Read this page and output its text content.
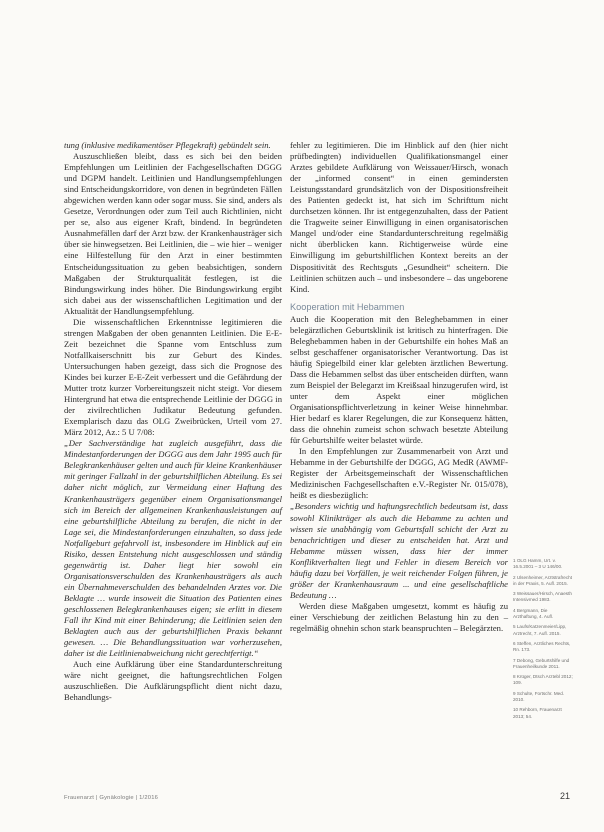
tung (inklusive medikamentöser Pflegekraft) gebündelt sein.

Auszuschließen bleibt, dass es sich bei den beiden Empfehlungen um Leitlinien der Fachgesellschaften DGGG und DGPM handelt. Leitlinien und Handlungsempfehlungen sind Entscheidungskorridore, von denen in begründeten Fällen abgewichen werden kann oder sogar muss. Sie sind, anders als Gesetze, Verordnungen oder zum Teil auch Richtlinien, nicht per se, also aus eigener Kraft, bindend. In begründeten Ausnahmefällen darf der Arzt bzw. der Krankenhausträger sich über sie hinwegsetzen. Bei Leitlinien, die – wie hier – weniger eine Hilfestellung für den Arzt in einer bestimmten Entscheidungssituation zu geben beabsichtigen, sondern Maßgaben der Strukturqualität festlegen, ist die Bindungswirkung indes höher. Die Bindungswirkung ergibt sich dabei aus der wissenschaftlichen Legitimation und der Aktualität der Handlungsempfehlung.

Die wissenschaftlichen Erkenntnisse legitimieren die strengen Maßgaben der oben genannten Leitlinien. Die E-E-Zeit bezeichnet die Spanne vom Entschluss zum Notfallkaiserschnitt bis zur Geburt des Kindes. Untersuchungen haben gezeigt, dass sich die Prognose des Kindes bei kurzer E-E-Zeit verbessert und die Gefährdung der Mutter trotz kurzer Vorbereitungszeit nicht steigt. Vor diesem Hintergrund hat etwa die entsprechende Leitlinie der DGGG in der zivilrechtlichen Judikatur Bedeutung gefunden. Exemplarisch dazu das OLG Zweibrücken, Urteil vom 27. März 2012, Az.: 5 U 7/08:

„Der Sachverständige hat zugleich ausgeführt, dass die Mindestanforderungen der DGGG aus dem Jahr 1995 auch für Belegkrankenhäuser gelten und auch für kleine Krankenhäuser mit geringer Fallzahl in der geburtshilflichen Abteilung. Es sei daher nicht möglich, zur Vermeidung einer Haftung des Krankenhausträgers gegenüber einem Organisationsmangel sich im Bereich der allgemeinen Krankenhausleistungen auf eine geburtshilfliche Abteilung zu berufen, die nicht in der Lage sei, die Mindestanforderungen einzuhalten, so dass jede Notfallgeburt gefahrvoll ist, insbesondere im Hinblick auf ein Risiko, dessen Entstehung nicht ausgeschlossen und ständig gegenwärtig ist. Daher liegt hier sowohl ein Organisationsverschulden des Krankenhausträgers als auch ein Übernahmeverschulden des behandelnden Arztes vor. Die Beklagte … wurde insoweit die Situation des Patienten eines geschlossenen Belegkrankenhauses eigen; sie erlitt in diesem Fall ihr Kind mit einer Behinderung; die Leitlinien seien den Beklagten auch aus der geburtshilflichen Praxis bekannt gewesen. … Die Behandlungssituation war vorherzusehen, daher ist die Leitlinienabweichung nicht gerechtfertigt.“

Auch eine Aufklärung über eine Standardunterschreitung wäre nicht geeignet, die haftungsrechtlichen Folgen auszuschließen. Die Aufklärungspflicht dient nicht dazu, Behandlungs-

fehler zu legitimieren. Die im Hinblick auf den (hier nicht prüfbedingten) individuellen Qualifikationsmangel einer Arztes gebildete Aufklärung von Weissauer/Hirsch, wonach der „informed consent“ in einen gemindersten Leistungsstandard grundsätzlich von der Dispositionsfreiheit des Patienten gedeckt ist, hat sich im Schrifttum nicht durchsetzen können. Ihr ist entgegenzuhalten, dass der Patient die Tragweite seiner Einwilligung in einen organisatorischen Mangel und/oder eine Standardunterschreitung regelmäßig nicht überblicken kann. Richtigerweise würde eine Einwilligung im geburtshilflichen Kontext bereits an der Dispositivität des Rechtsguts „Gesundheit“ scheitern. Die Leitlinien schützen auch – und insbesondere – das ungeborene Kind.

Kooperation mit Hebammen

Auch die Kooperation mit den Beleghebammen in einer belegärztlichen Geburtsklinik ist kritisch zu hinterfragen. Die Beleghebammen haben in der Geburtshilfe ein hohes Maß an selbst geschaffener organisatorischer Verantwortung. Das ist häufig Spiegelbild einer klar gelebten ärztlichen Bewertung. Dass die Hebammen selbst das über entscheiden dürften, wann zum Beispiel der Belegarzt im Kreißsaal hinzugerufen wird, ist unter dem Aspekt einer möglichen Organisationspflichtverletzung in keiner Weise hinnehmbar. Hier bedarf es klarer Regelungen, die zur Konsequenz hätten, dass die ohnehin zumeist schon schwach besetzte Abteilung für Geburtshilfe weiter belastet würde.

In den Empfehlungen zur Zusammenarbeit von Arzt und Hebamme in der Geburtshilfe der DGGG, AG MedR (AWMF-Register der Arbeitsgemeinschaft der Wissenschaftlichen Medizinischen Fachgesellschaften e.V.-Register Nr. 015/078), heißt es diesbezüglich:

„Besonders wichtig und haftungsrechtlich bedeutsam ist, dass sowohl Klinikträger als auch die Hebamme zu achten und wissen sie unabhängig vom Geburtsfall schicht der Arzt zu benachrichtigen und dieser zu entscheiden hat. Arzt und Hebamme müssen wissen, dass hier der immer Konfliktverhalten liegt und Fehler in diesem Bereich vor häufig dazu bei Vorfällen, je weit reichender Folgen führen, je größer der Krankenhausraum ... und eine gesellschaftliche Bedeutung …

Werden diese Maßgaben umgesetzt, kommt es häufig zu einer Verschiebung der zeitlichen Belastung hin zu den – regelmäßig ohnehin schon stark beanspruchten – Belegärzten.

1 OLG Hamm, Urt. v. 16.5.2001 – 3 U 146/00.
2 Ulsenheimer, Arztstrafrecht in der Praxis, 5. Aufl. 2015.
3 Weissauer/Hirsch, Anaesth Intensivmed 1983.
4 Bergmann, Die Arzthaftung, 4. Aufl.
5 Laufs/Katzenmeier/Lipp, Arztrecht, 7. Aufl. 2015.
6 Steffen, Arztliches Rechts, Rn. 173.
7 Debong, Geburtshilfe und Frauenheilkunde 2011.
8 Krüger, Dtsch Arztebl 2012; 109.
9 Schulte, Fortschr. Med. 2010.
10 Rehborn, Frauenarzt 2013; 54.
Frauenarzt | Gynäkologie | 1/2016	21
